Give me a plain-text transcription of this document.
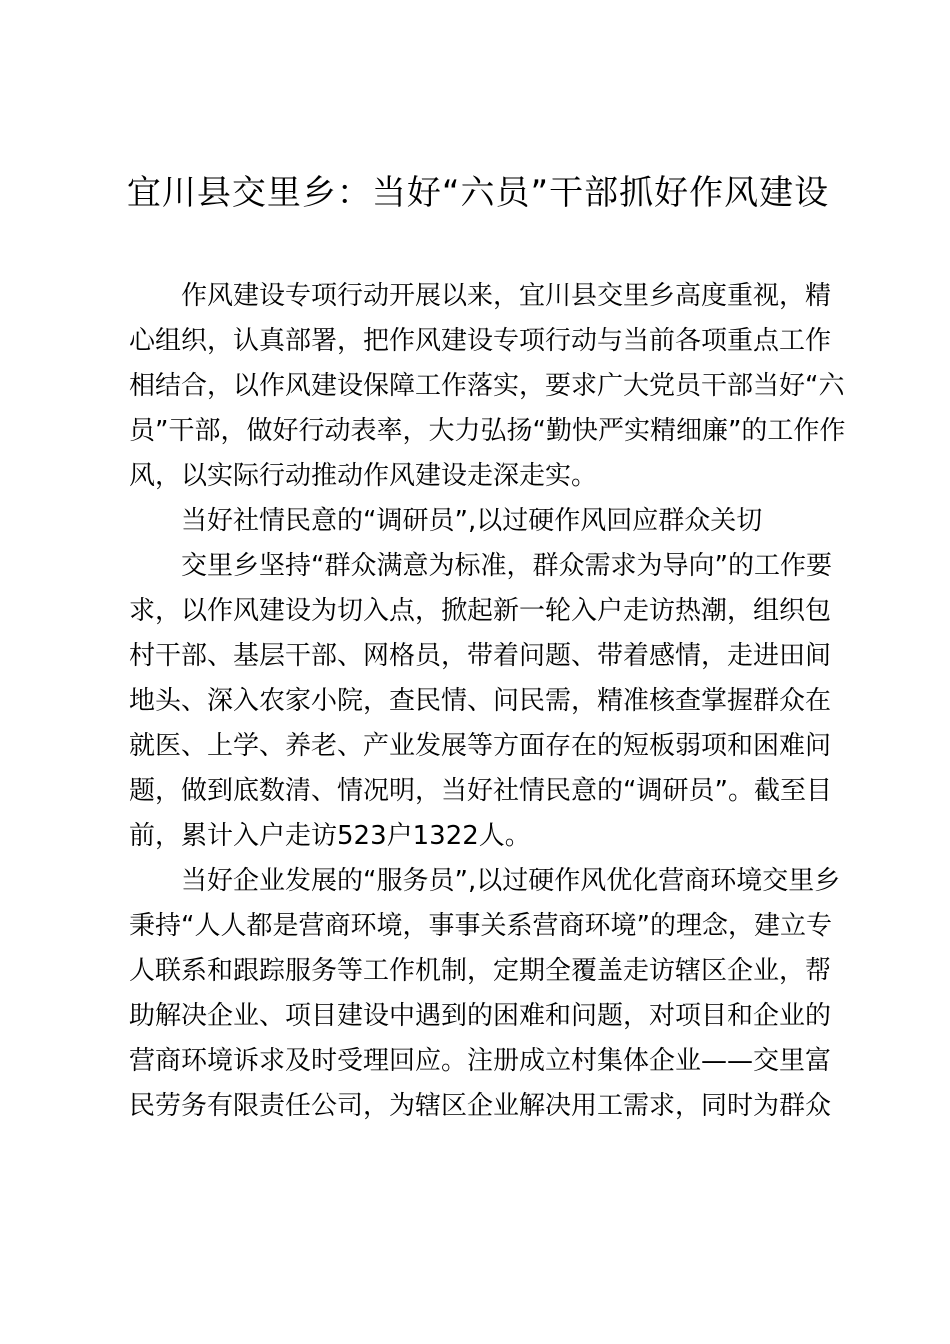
宜川县交里乡：当好“六员”干部抓好作风建设
作风建设专项行动开展以来，宜川县交里乡高度重视，精
心组织，认真部署，把作风建设专项行动与当前各项重点工作
相结合，以作风建设保障工作落实，要求广大党员干部当好“六
员”干部，做好行动表率，大力弘扬“勤快严实精细廉”的工作作
风，以实际行动推动作风建设走深走实。
当好社情民意的“调研员”,以过硬作风回应群众关切
交里乡坚持“群众满意为标准，群众需求为导向”的工作要
求，以作风建设为切入点，掀起新一轮入户走访热潮，组织包
村干部、基层干部、网格员，带着问题、带着感情，走进田间
地头、深入农家小院，查民情、问民需，精准核查掌握群众在
就医、上学、养老、产业发展等方面存在的短板弱项和困难问
题，做到底数清、情况明，当好社情民意的“调研员”。截至目
前，累计入户走访523户1322人。
当好企业发展的“服务员”,以过硬作风优化营商环境交里乡
秉持“人人都是营商环境，事事关系营商环境”的理念，建立专
人联系和跟踪服务等工作机制，定期全覆盖走访辖区企业，帮
助解决企业、项目建设中遇到的困难和问题，对项目和企业的
营商环境诉求及时受理回应。注册成立村集体企业——交里富
民劳务有限责任公司，为辖区企业解决用工需求，同时为群众
